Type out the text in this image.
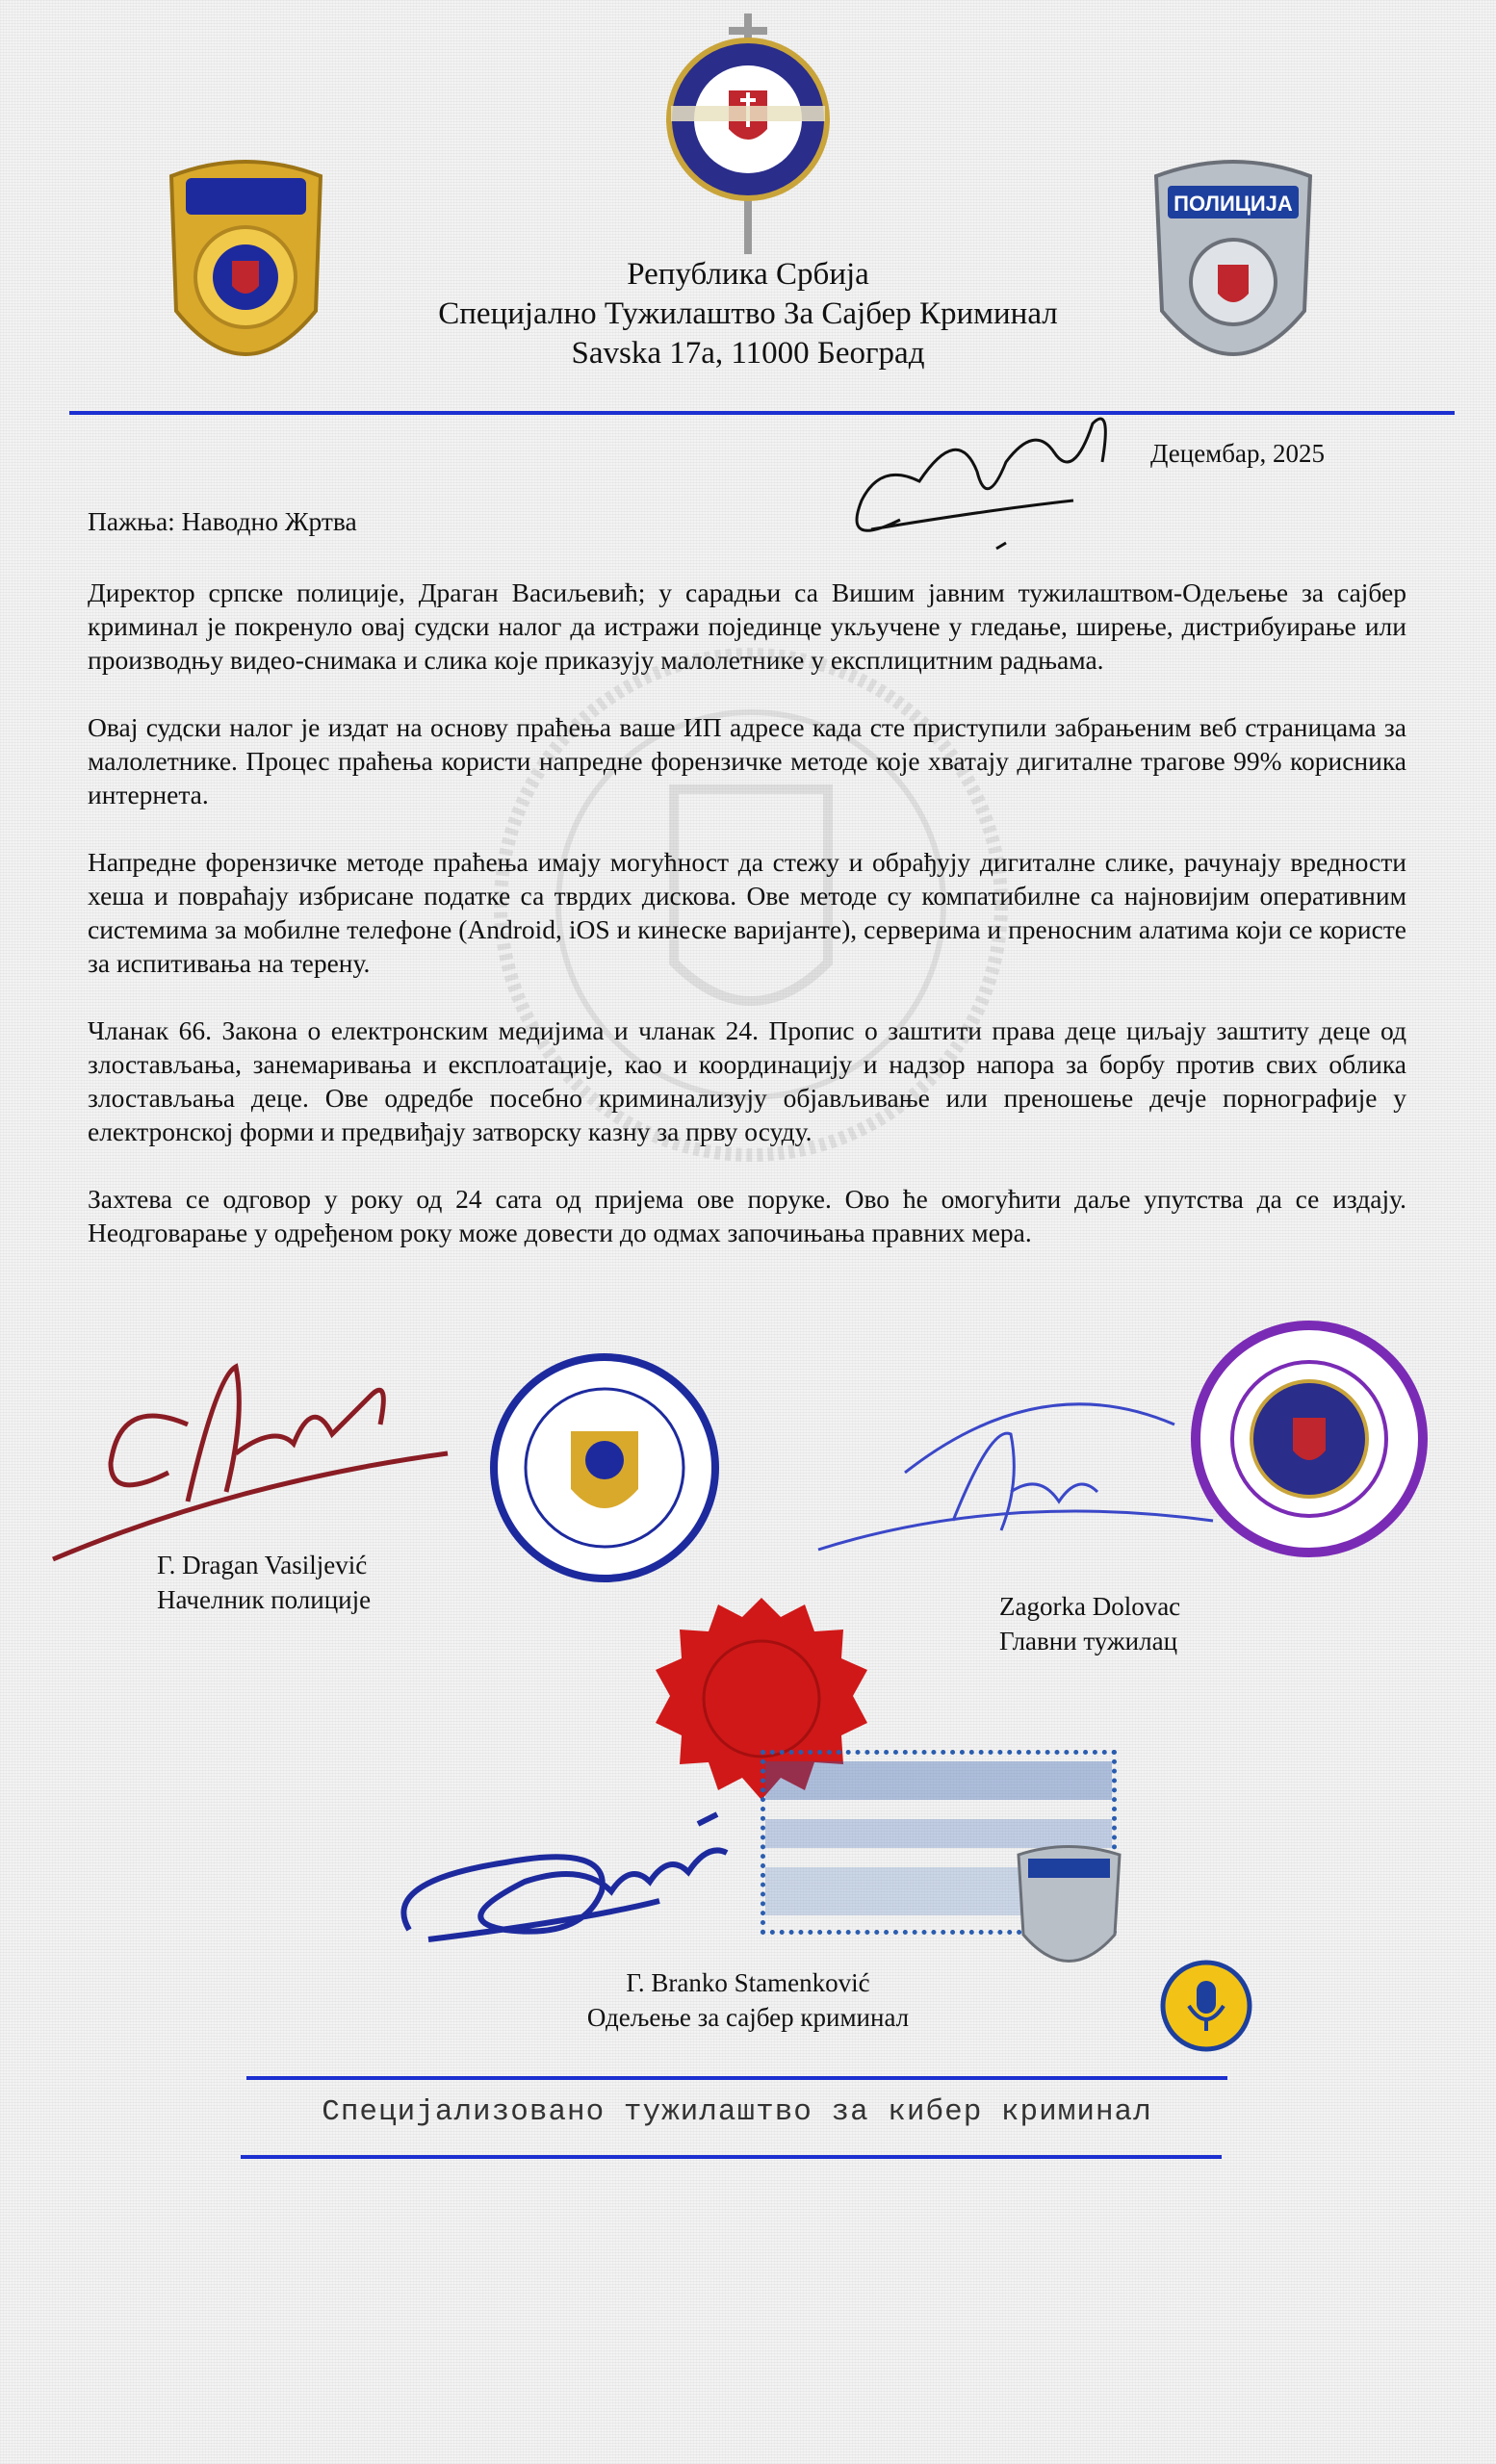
ПОЛИЦИЈА
Република Србија
Специјално Тужилаштво За Сајбер Криминал
Savska 17a, 11000 Београд
Децембар, 2025
Пажња: Наводно Жртва

Директор српске полиције, Драган Васиљевић; у сарадњи са Вишим јавним тужилаштвом-Одељење за сајбер криминал је покренуло овај судски налог да истражи појединце укључене у гледање, ширење, дистрибуирање или производњу видео-снимака и слика које приказују малолетнике у експлицитним радњама.

Овај судски налог је издат на основу праћења ваше ИП адресе када сте приступили забрањеним веб страницама за малолетнике. Процес праћења користи напредне форензичке методе које хватају дигиталне трагове 99% корисника интернета.

Напредне форензичке методе праћења имају могућност да стежу и обрађују дигиталне слике, рачунају вредности хеша и повраћају избрисане податке са тврдих дискова. Ове методе су компатибилне са најновијим оперативним системима за мобилне телефоне (Android, iOS и кинеске варијанте), серверима и преносним алатима који се користе за испитивања на терену.

Чланак 66. Закона о електронским медијима и чланак 24. Пропис о заштити права деце циљају заштиту деце од злостављања, занемаривања и експлоатације, као и координацију и надзор напора за борбу против свих облика злостављања деце. Ове одредбе посебно криминализују објављивање или преношење дечје порнографије у електронској форми и предвиђају затворску казну за прву осуду.

Захтева се одговор у року од 24 сата од пријема ове поруке. Ово ће омогућити даље упутства да се издају. Неодговарање у одређеном року може довести до одмах започињања правних мера.

Г. Dragan Vasiljević
Начелник полиције	Zagorka Dolovac
Главни тужилац
Г. Branko Stamenković
Одељење за сајбер криминал
Специјализовано тужилаштво за кибер криминал
